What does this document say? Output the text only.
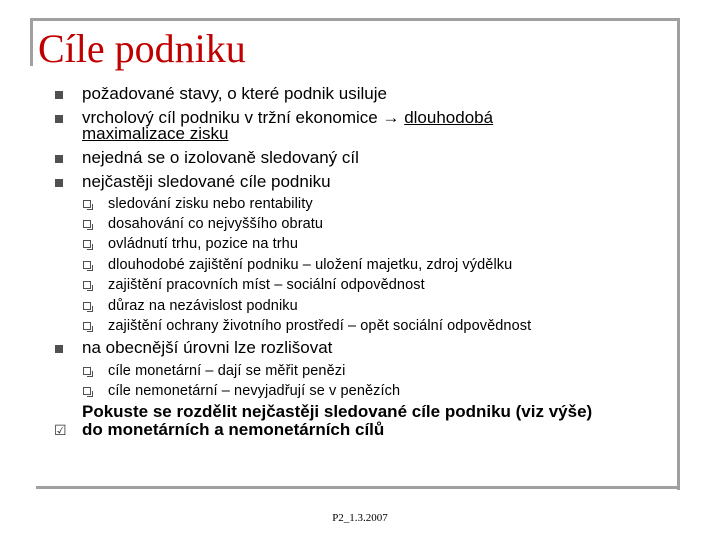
Cíle podniku
požadované stavy, o které podnik usiluje
vrcholový cíl podniku v tržní ekonomice → dlouhodobá
maximalizace zisku
nejedná se o izolovaně sledovaný cíl
nejčastěji sledované cíle podniku
sledování zisku nebo rentability
dosahování co nejvyššího obratu
ovládnutí trhu, pozice na trhu
dlouhodobé zajištění podniku – uložení majetku, zdroj výdělku
zajištění pracovních míst – sociální odpovědnost
důraz na nezávislost podniku
zajištění ochrany životního prostředí – opět sociální odpovědnost
na obecnější úrovni lze rozlišovat
cíle monetární – dají se měřit penězi
cíle nemonetární – nevyjadřují se v penězích
☑
Pokuste se rozdělit nejčastěji sledované cíle podniku (viz výše)
do monetárních a nemonetárních cílů
P2_1.3.2007
